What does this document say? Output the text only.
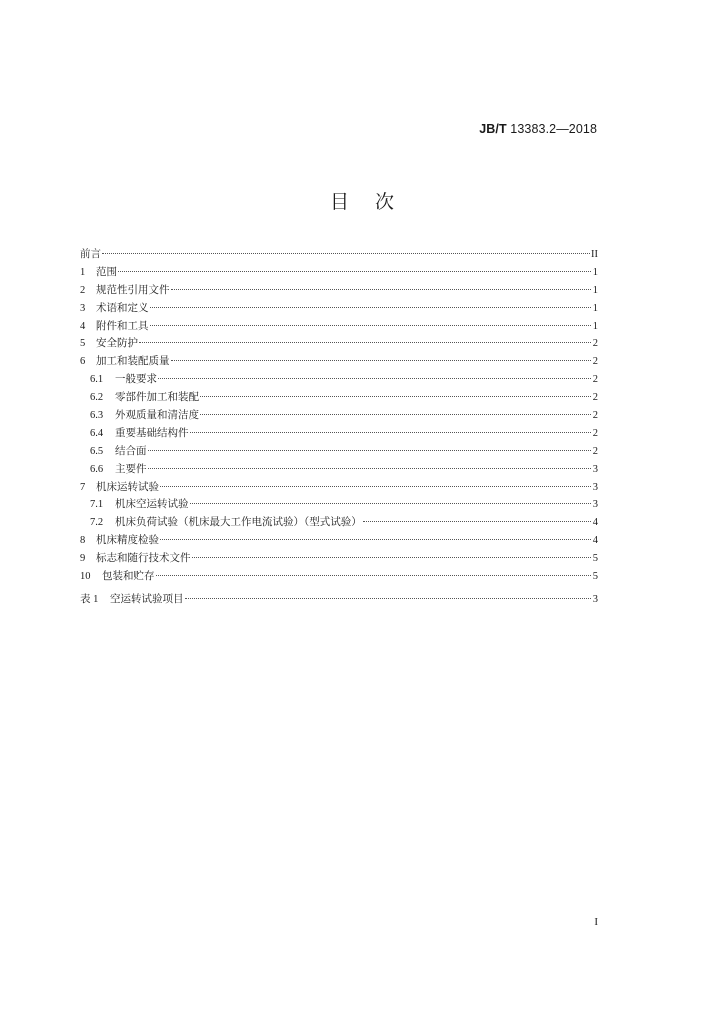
JB/T 13383.2—2018
目次
前言	II
1	范围	1
2	规范性引用文件	1
3	术语和定义	1
4	附件和工具	1
5	安全防护	2
6	加工和装配质量	2
6.1	一般要求	2
6.2	零部件加工和装配	2
6.3	外观质量和清洁度	2
6.4	重要基础结构件	2
6.5	结合面	2
6.6	主要件	3
7	机床运转试验	3
7.1	机床空运转试验	3
7.2	机床负荷试验（机床最大工作电流试验）（型式试验）	4
8	机床精度检验	4
9	标志和随行技术文件	5
10	包装和贮存	5
表 1	空运转试验项目	3
I
